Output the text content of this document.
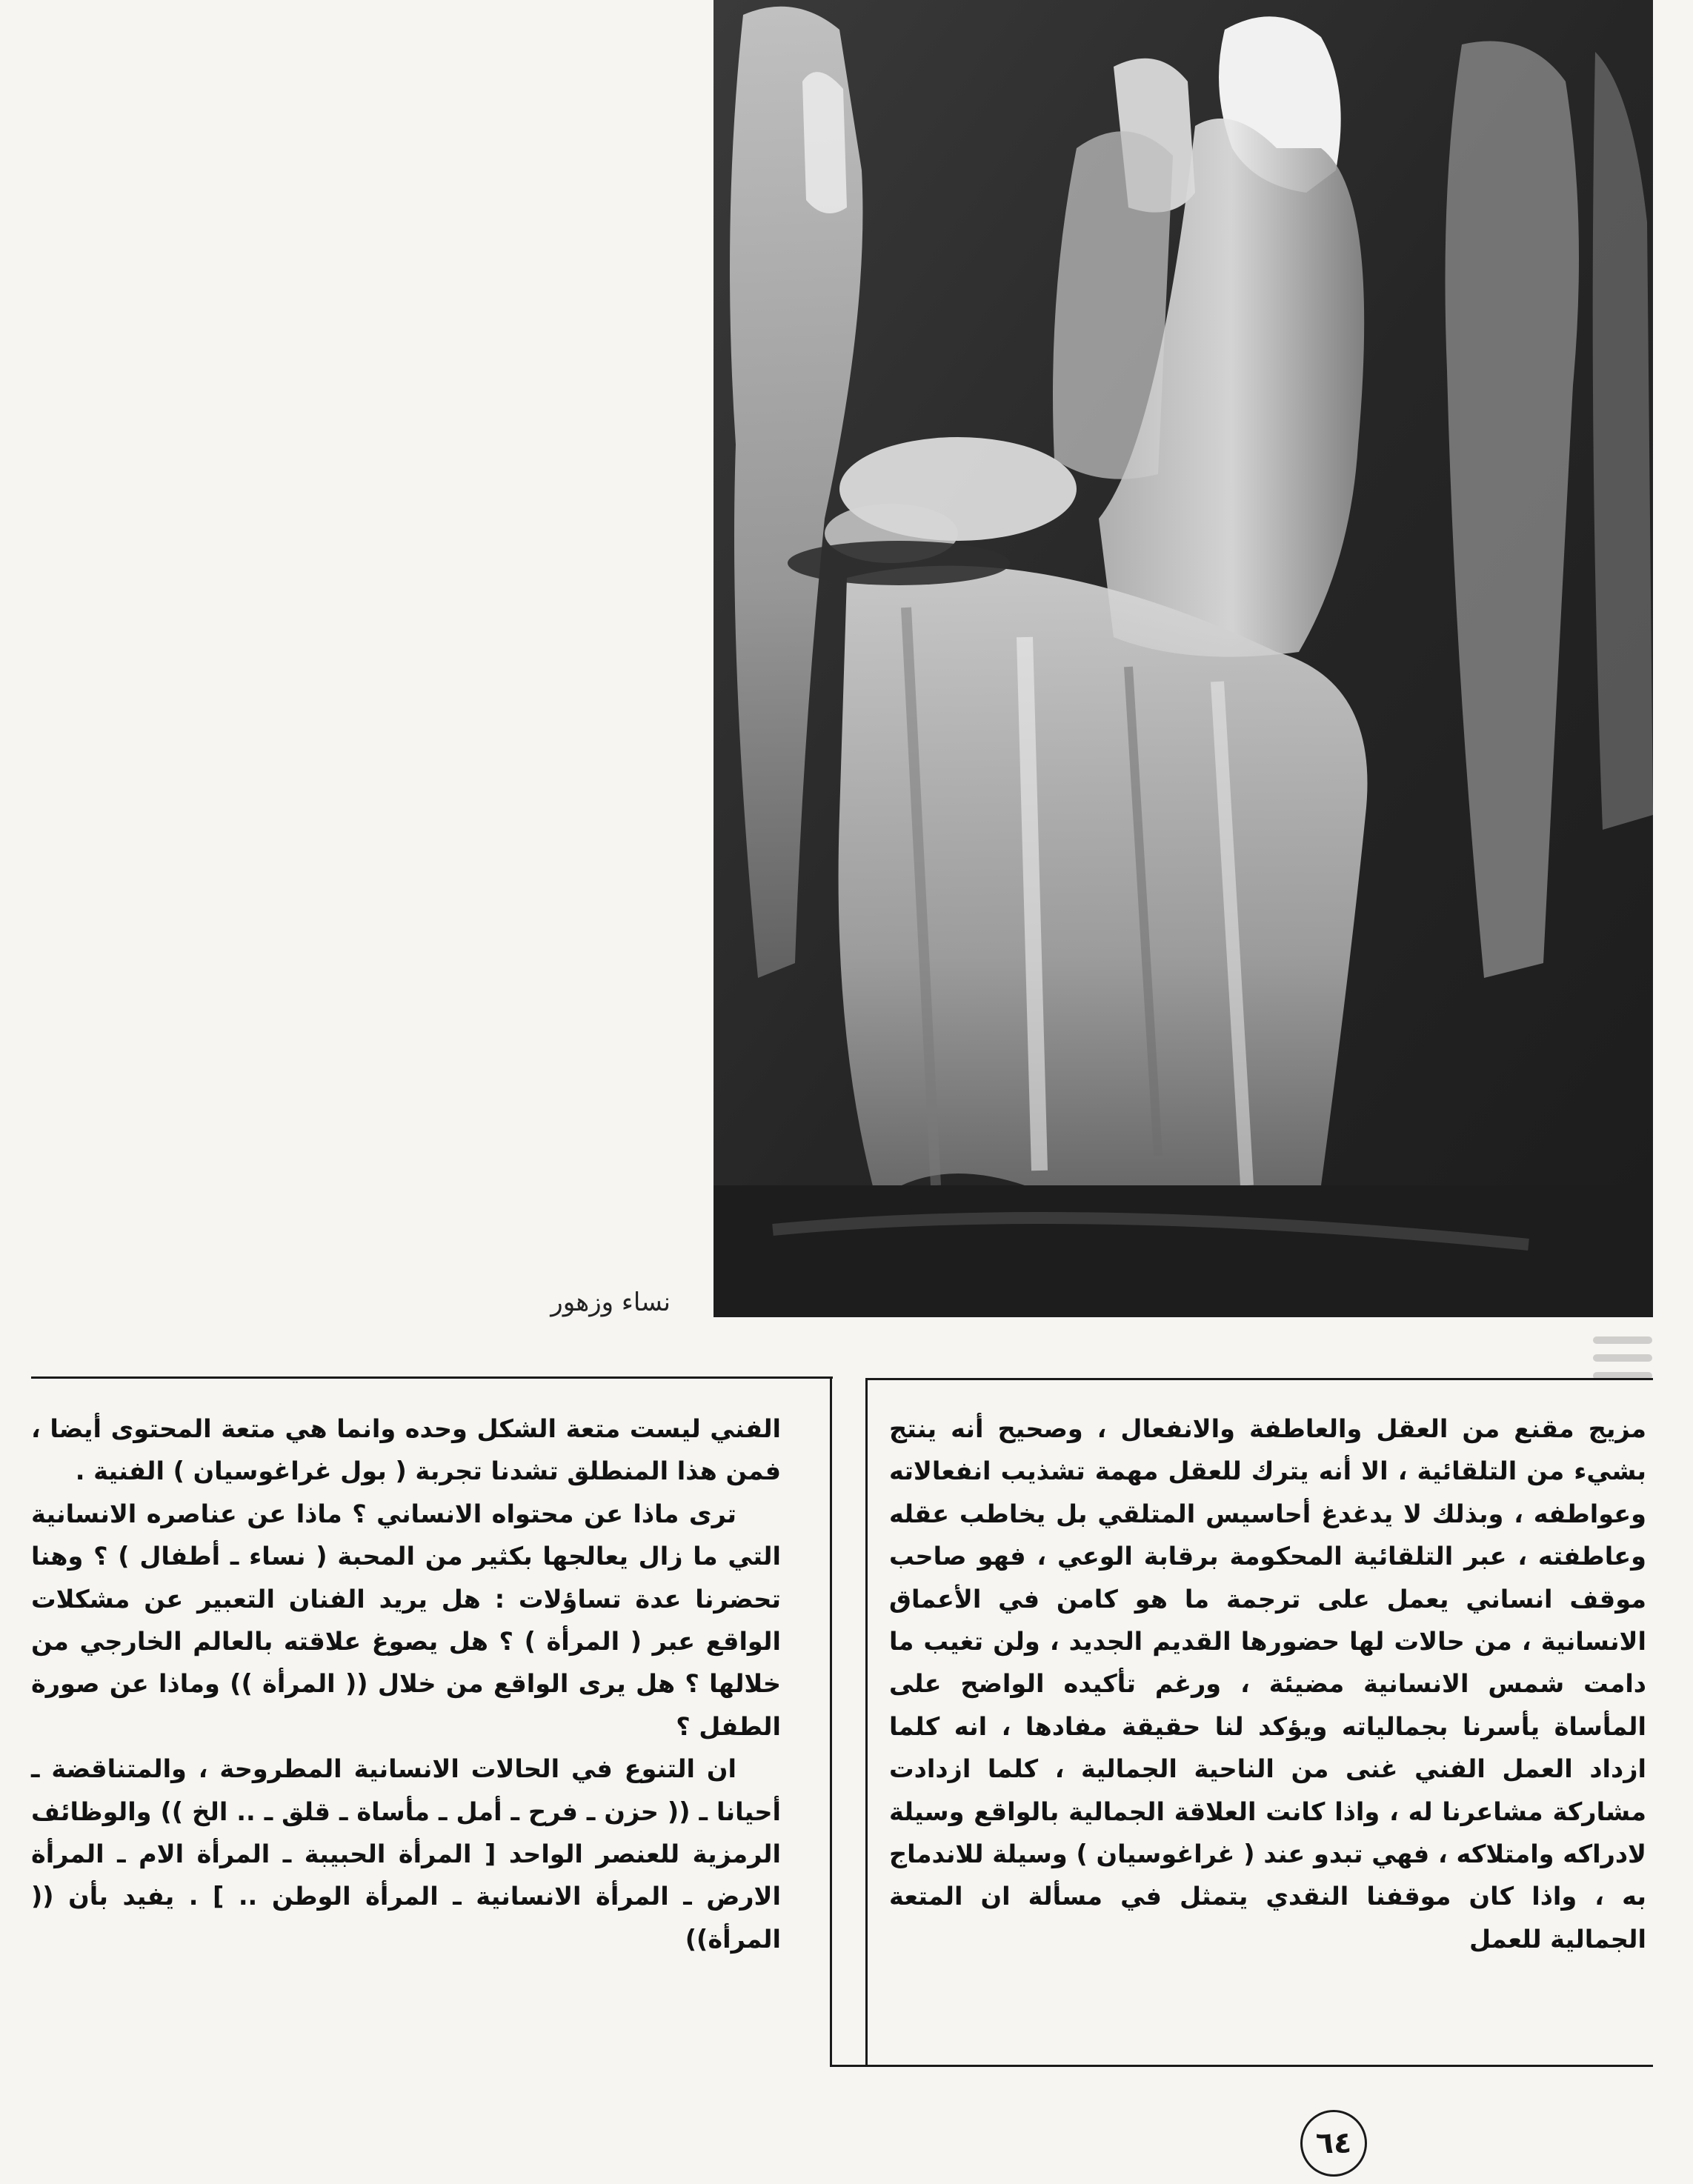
نساء وزهور

مزيج مقنع من العقل والعاطفة والانفعال ، وصحيح أنه ينتج بشيء من التلقائية ، الا أنه يترك للعقل مهمة تشذيب انفعالاته وعواطفه ، وبذلك لا يدغدغ أحاسيس المتلقي بل يخاطب عقله وعاطفته ، عبر التلقائية المحكومة برقابة الوعي ، فهو صاحب موقف انساني يعمل على ترجمة ما هو كامن في الأعماق الانسانية ، من حالات لها حضورها القديم الجديد ، ولن تغيب ما دامت شمس الانسانية مضيئة ، ورغم تأكيده الواضح على المأساة يأسرنا بجمالياته ويؤكد لنا حقيقة مفادها ، انه كلما ازداد العمل الفني غنى من الناحية الجمالية ، كلما ازدادت مشاركة مشاعرنا له ، واذا كانت العلاقة الجمالية بالواقع وسيلة لادراكه وامتلاكه ، فهي تبدو عند ( غراغوسيان ) وسيلة للاندماج به ، واذا كان موقفنا النقدي يتمثل في مسألة ان المتعة الجمالية للعمل

الفني ليست متعة الشكل وحده وانما هي متعة المحتوى أيضا ، فمن هذا المنطلق تشدنا تجربة ( بول غراغوسيان ) الفنية .

ترى ماذا عن محتواه الانساني ؟ ماذا عن عناصره الانسانية التي ما زال يعالجها بكثير من المحبة ( نساء ـ أطفال ) ؟ وهنا تحضرنا عدة تساؤلات : هل يريد الفنان التعبير عن مشكلات الواقع عبر ( المرأة ) ؟ هل يصوغ علاقته بالعالم الخارجي من خلالها ؟ هل يرى الواقع من خلال (( المرأة )) وماذا عن صورة الطفل ؟

ان التنوع في الحالات الانسانية المطروحة ، والمتناقضة ـ أحيانا ـ (( حزن ـ فرح ـ أمل ـ مأساة ـ قلق ـ .. الخ )) والوظائف الرمزية للعنصر الواحد [ المرأة الحبيبة ـ المرأة الام ـ المرأة الارض ـ المرأة الانسانية ـ المرأة الوطن .. ] . يفيد بأن (( المرأة))

٦٤
